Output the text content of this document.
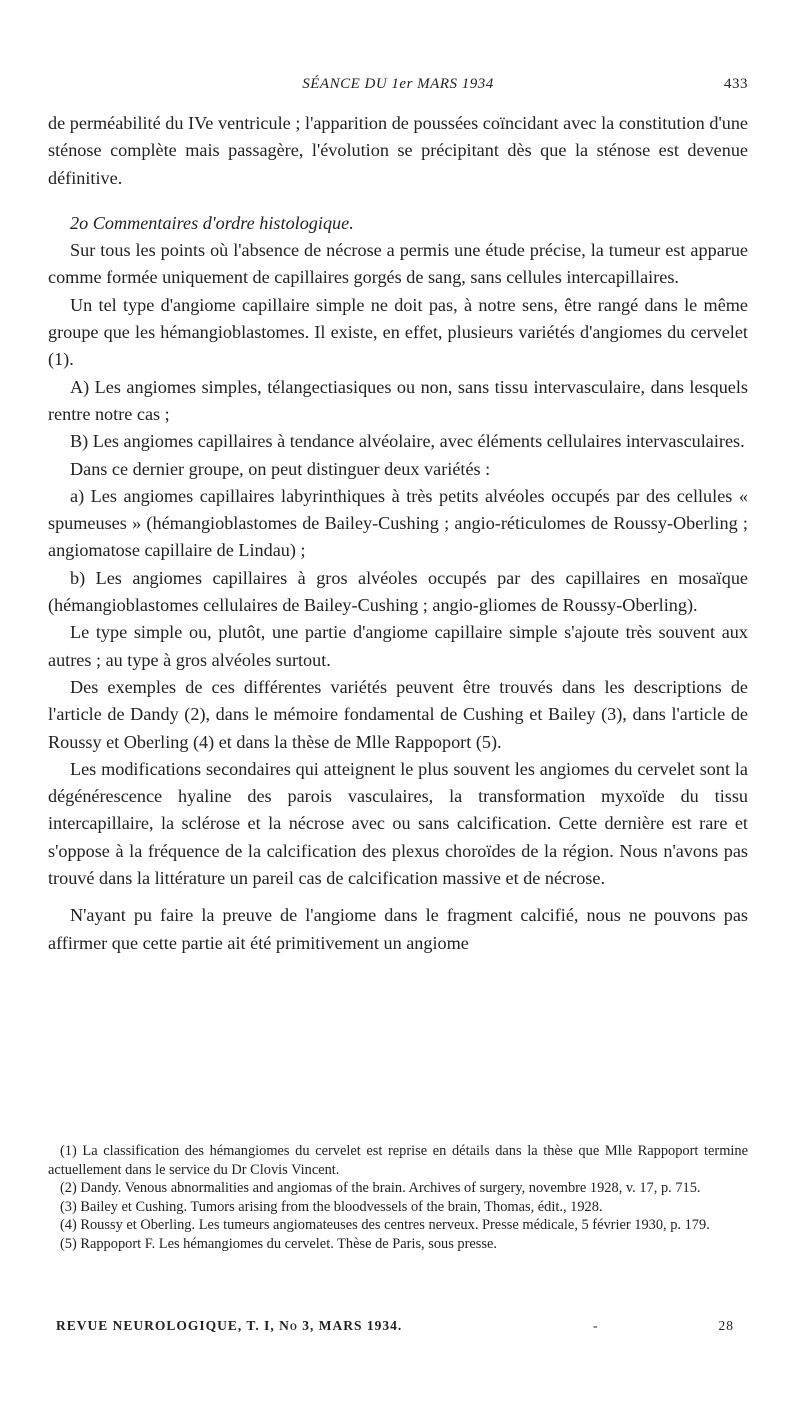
SÉANCE DU 1er MARS 1934	433

de perméabilité du IVe ventricule ; l'apparition de poussées coïncidant avec la constitution d'une sténose complète mais passagère, l'évolution se précipitant dès que la sténose est devenue définitive.

2o Commentaires d'ordre histologique.

Sur tous les points où l'absence de nécrose a permis une étude précise, la tumeur est apparue comme formée uniquement de capillaires gorgés de sang, sans cellules intercapillaires.

Un tel type d'angiome capillaire simple ne doit pas, à notre sens, être rangé dans le même groupe que les hémangioblastomes. Il existe, en effet, plusieurs variétés d'angiomes du cervelet (1).

A) Les angiomes simples, télangectiasiques ou non, sans tissu intervasculaire, dans lesquels rentre notre cas ;

B) Les angiomes capillaires à tendance alvéolaire, avec éléments cellulaires intervasculaires.

Dans ce dernier groupe, on peut distinguer deux variétés :

a) Les angiomes capillaires labyrinthiques à très petits alvéoles occupés par des cellules « spumeuses » (hémangioblastomes de Bailey-Cushing ; angio-réticulomes de Roussy-Oberling ; angiomatose capillaire de Lindau) ;

b) Les angiomes capillaires à gros alvéoles occupés par des capillaires en mosaïque (hémangioblastomes cellulaires de Bailey-Cushing ; angio-gliomes de Roussy-Oberling).

Le type simple ou, plutôt, une partie d'angiome capillaire simple s'ajoute très souvent aux autres ; au type à gros alvéoles surtout.

Des exemples de ces différentes variétés peuvent être trouvés dans les descriptions de l'article de Dandy (2), dans le mémoire fondamental de Cushing et Bailey (3), dans l'article de Roussy et Oberling (4) et dans la thèse de Mlle Rappoport (5).

Les modifications secondaires qui atteignent le plus souvent les angiomes du cervelet sont la dégénérescence hyaline des parois vasculaires, la transformation myxoïde du tissu intercapillaire, la sclérose et la nécrose avec ou sans calcification. Cette dernière est rare et s'oppose à la fréquence de la calcification des plexus choroïdes de la région. Nous n'avons pas trouvé dans la littérature un pareil cas de calcification massive et de nécrose.

N'ayant pu faire la preuve de l'angiome dans le fragment calcifié, nous ne pouvons pas affirmer que cette partie ait été primitivement un angiome

(1) La classification des hémangiomes du cervelet est reprise en détails dans la thèse que Mlle Rappoport termine actuellement dans le service du Dr Clovis Vincent.

(2) Dandy. Venous abnormalities and angiomas of the brain. Archives of surgery, novembre 1928, v. 17, p. 715.

(3) Bailey et Cushing. Tumors arising from the bloodvessels of the brain, Thomas, édit., 1928.

(4) Roussy et Oberling. Les tumeurs angiomateuses des centres nerveux. Presse médicale, 5 février 1930, p. 179.

(5) Rappoport F. Les hémangiomes du cervelet. Thèse de Paris, sous presse.

REVUE NEUROLOGIQUE, T. I, No 3, MARS 1934.	-	28
